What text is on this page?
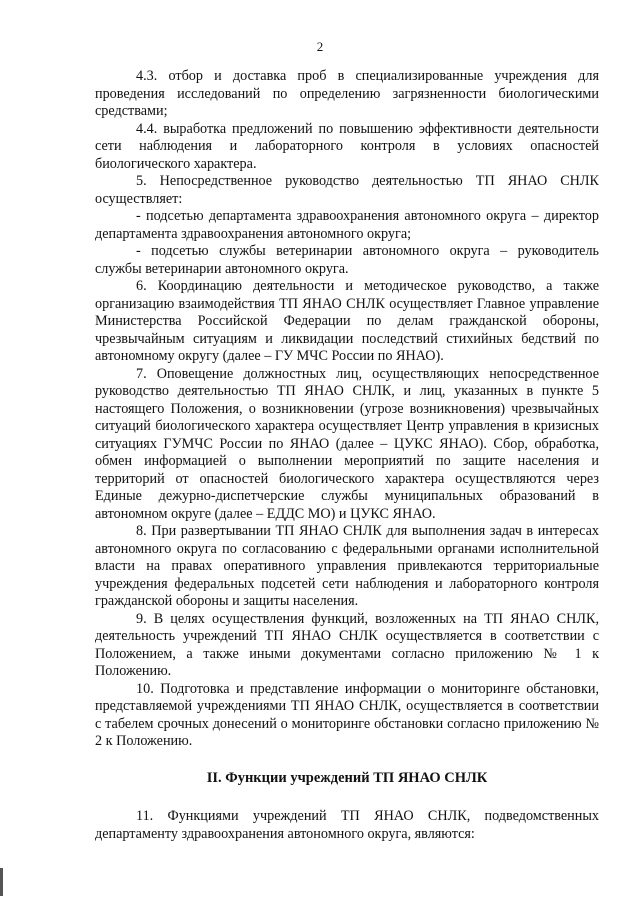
2

4.3. отбор и доставка проб в специализированные учреждения для проведения исследований по определению загрязненности биологическими средствами;

4.4. выработка предложений по повышению эффективности деятельности сети наблюдения и лабораторного контроля в условиях опасностей биологического характера.

5. Непосредственное руководство деятельностью ТП ЯНАО СНЛК осуществляет:

- подсетью департамента здравоохранения автономного округа – директор департамента здравоохранения автономного округа;

- подсетью службы ветеринарии автономного округа – руководитель службы ветеринарии автономного округа.

6. Координацию деятельности и методическое руководство, а также организацию взаимодействия ТП ЯНАО СНЛК осуществляет Главное управление Министерства Российской Федерации по делам гражданской обороны, чрезвычайным ситуациям и ликвидации последствий стихийных бедствий по автономному округу (далее – ГУ МЧС России по ЯНАО).

7. Оповещение должностных лиц, осуществляющих непосредственное руководство деятельностью ТП ЯНАО СНЛК, и лиц, указанных в пункте 5 настоящего Положения, о возникновении (угрозе возникновения) чрезвычайных ситуаций биологического характера осуществляет Центр управления в кризисных ситуациях ГУМЧС России по ЯНАО (далее – ЦУКС ЯНАО). Сбор, обработка, обмен информацией о выполнении мероприятий по защите населения и территорий от опасностей биологического характера осуществляются через Единые дежурно-диспетчерские службы муниципальных образований в автономном округе (далее – ЕДДС МО) и ЦУКС ЯНАО.

8. При развертывании ТП ЯНАО СНЛК для выполнения задач в интересах автономного округа по согласованию с федеральными органами исполнительной власти на правах оперативного управления привлекаются территориальные учреждения федеральных подсетей сети наблюдения и лабораторного контроля гражданской обороны и защиты населения.

9. В целях осуществления функций, возложенных на ТП ЯНАО СНЛК, деятельность учреждений ТП ЯНАО СНЛК осуществляется в соответствии с Положением, а также иными документами согласно приложению № 1 к Положению.

10. Подготовка и представление информации о мониторинге обстановки, представляемой учреждениями ТП ЯНАО СНЛК, осуществляется в соответствии с табелем срочных донесений о мониторинге обстановки согласно приложению № 2 к Положению.

II. Функции учреждений ТП ЯНАО СНЛК

11. Функциями учреждений ТП ЯНАО СНЛК, подведомственных департаменту здравоохранения автономного округа, являются:
